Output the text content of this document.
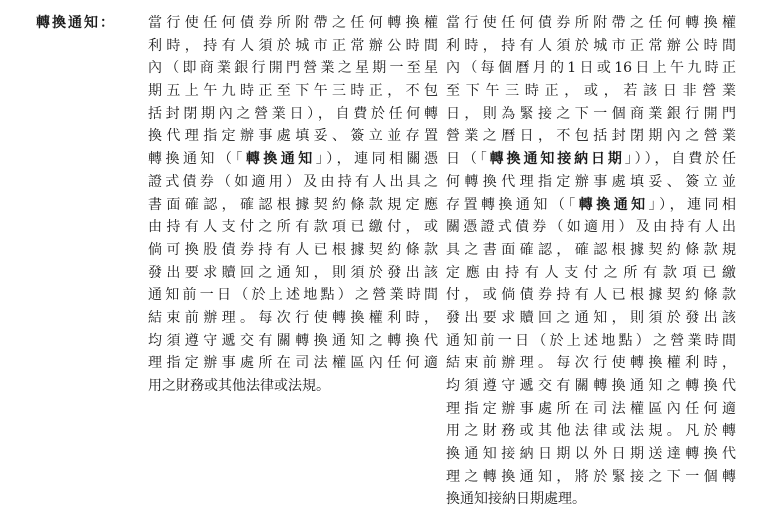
轉換通知： 當行使任何債券所附帶之任何轉換權
利時，持有人須於城市正常辦公時間
內（即商業銀行開門營業之星期一至星
期五上午九時正至下午三時正，不包
括封閉期內之營業日），自費於任何轉
換代理指定辦事處填妥、簽立並存置
轉換通知（「轉換通知」），連同相關憑
證式債券（如適用）及由持有人出具之
書面確認，確認根據契約條款規定應
由持有人支付之所有款項已繳付，或
倘可換股債券持有人已根據契約條款
發出要求贖回之通知，則須於發出該
通知前一日（於上述地點）之營業時間
結束前辦理。每次行使轉換權利時，
均須遵守遞交有關轉換通知之轉換代
理指定辦事處所在司法權區內任何適
用之財務或其他法律或法規。
當行使任何債券所附帶之任何轉換權
利時，持有人須於城市正常辦公時間
內（每個曆月的1日或16日上午九時正
至下午三時正，或，若該日非營業
日，則為緊接之下一個商業銀行開門
營業之曆日，不包括封閉期內之營業
日（「轉換通知接納日期」）），自費於任
何轉換代理指定辦事處填妥、簽立並
存置轉換通知（「轉換通知」），連同相
關憑證式債券（如適用）及由持有人出
具之書面確認，確認根據契約條款規
定應由持有人支付之所有款項已繳
付，或倘債券持有人已根據契約條款
發出要求贖回之通知，則須於發出該
通知前一日（於上述地點）之營業時間
結束前辦理。每次行使轉換權利時，
均須遵守遞交有關轉換通知之轉換代
理指定辦事處所在司法權區內任何適
用之財務或其他法律或法規。凡於轉
換通知接納日期以外日期送達轉換代
理之轉換通知，將於緊接之下一個轉
換通知接納日期處理。
